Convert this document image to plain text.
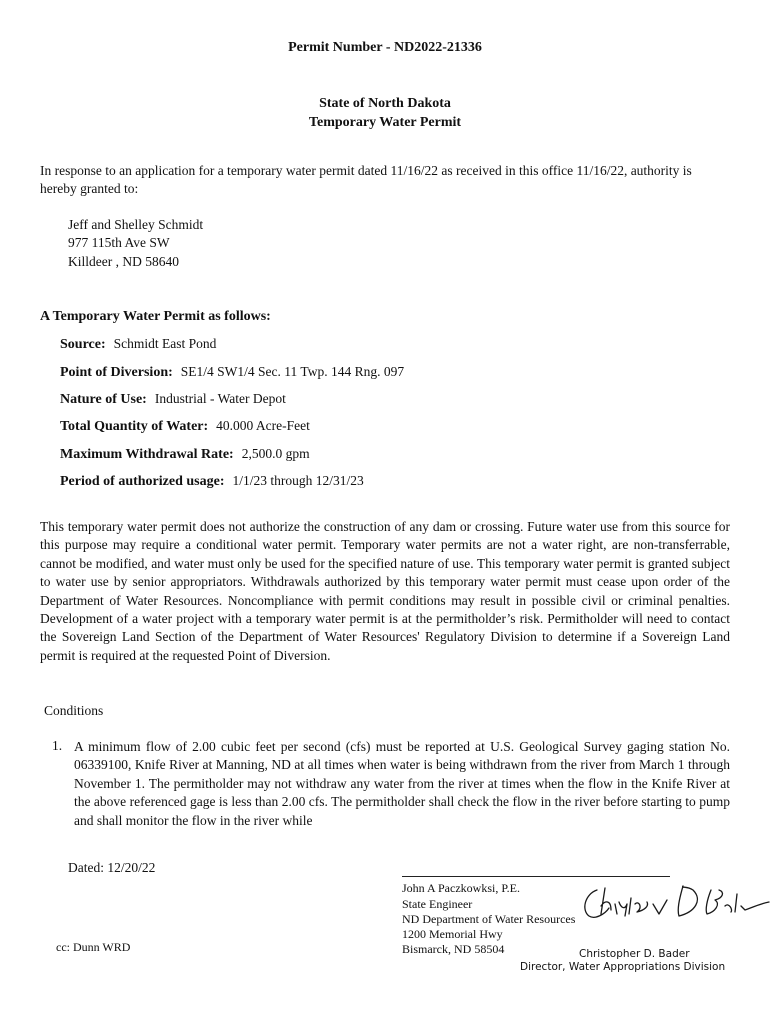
Permit Number - ND2022-21336
State of North Dakota
Temporary Water Permit
In response to an application for a temporary water permit dated 11/16/22 as received in this office 11/16/22, authority is hereby granted to:
Jeff and Shelley Schmidt
977 115th Ave SW
Killdeer , ND 58640
A Temporary Water Permit as follows:
Source: Schmidt East Pond
Point of Diversion: SE1/4 SW1/4 Sec. 11 Twp. 144 Rng. 097
Nature of Use: Industrial - Water Depot
Total Quantity of Water: 40.000 Acre-Feet
Maximum Withdrawal Rate: 2,500.0 gpm
Period of authorized usage: 1/1/23 through 12/31/23
This temporary water permit does not authorize the construction of any dam or crossing. Future water use from this source for this purpose may require a conditional water permit. Temporary water permits are not a water right, are non-transferrable, cannot be modified, and water must only be used for the specified nature of use. This temporary water permit is granted subject to water use by senior appropriators. Withdrawals authorized by this temporary water permit must cease upon order of the Department of Water Resources. Noncompliance with permit conditions may result in possible civil or criminal penalties. Development of a water project with a temporary water permit is at the permitholder’s risk. Permitholder will need to contact the Sovereign Land Section of the Department of Water Resources' Regulatory Division to determine if a Sovereign Land permit is required at the requested Point of Diversion.
Conditions
1. A minimum flow of 2.00 cubic feet per second (cfs) must be reported at U.S. Geological Survey gaging station No. 06339100, Knife River at Manning, ND at all times when water is being withdrawn from the river from March 1 through November 1. The permitholder may not withdraw any water from the river at times when the flow in the Knife River at the above referenced gage is less than 2.00 cfs. The permitholder shall check the flow in the river before starting to pump and shall monitor the flow in the river while
Dated: 12/20/22
cc: Dunn WRD
John A Paczkowksi, P.E.
State Engineer
ND Department of Water Resources
1200 Memorial Hwy
Bismarck, ND 58504	Christopher D. Bader
Director, Water Appropriations Division
